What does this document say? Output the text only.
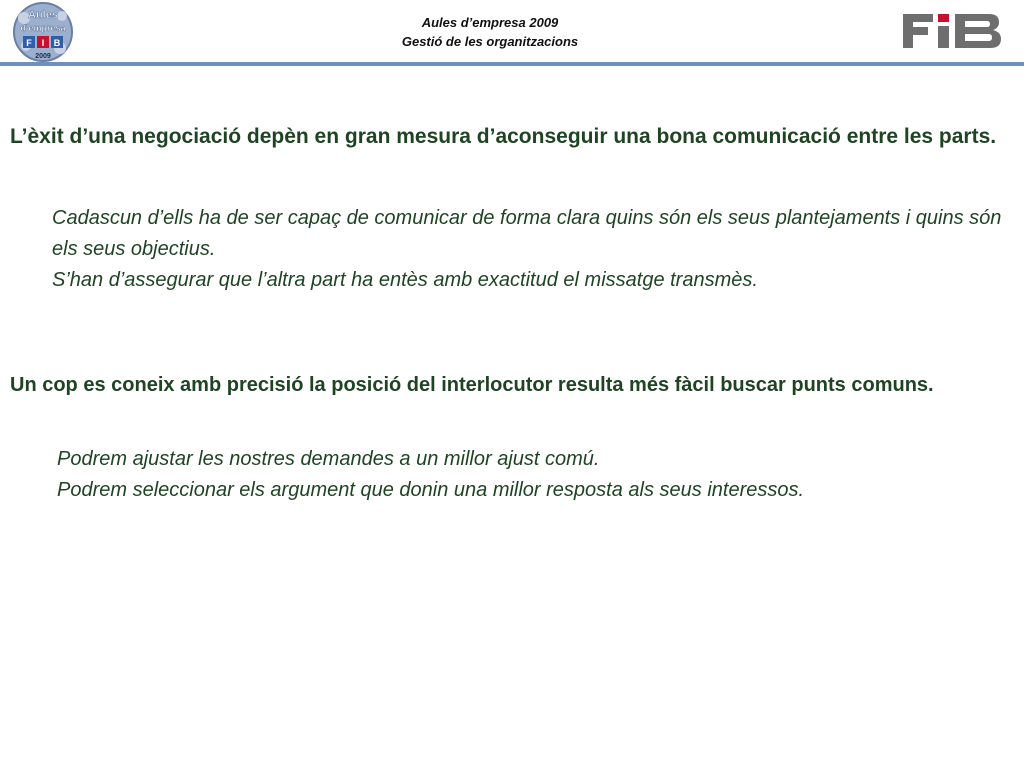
Aules
d’empresa
F I B
2009
Aules d’empresa 2009
Gestió de les organitzacions

L’èxit d’una negociació depèn en gran mesura d’aconseguir una bona comunicació entre les parts.

Cadascun d’ells ha de ser capaç de comunicar de forma clara quins són els seus plantejaments i quins són els seus objectius.
S’han d’assegurar que l’altra part ha entès amb exactitud el missatge transmès.

Un cop es coneix amb precisió la posició del interlocutor resulta més fàcil buscar punts comuns.

Podrem ajustar les nostres demandes a un millor ajust comú.
Podrem seleccionar els argument que donin una millor resposta als seus interessos.
